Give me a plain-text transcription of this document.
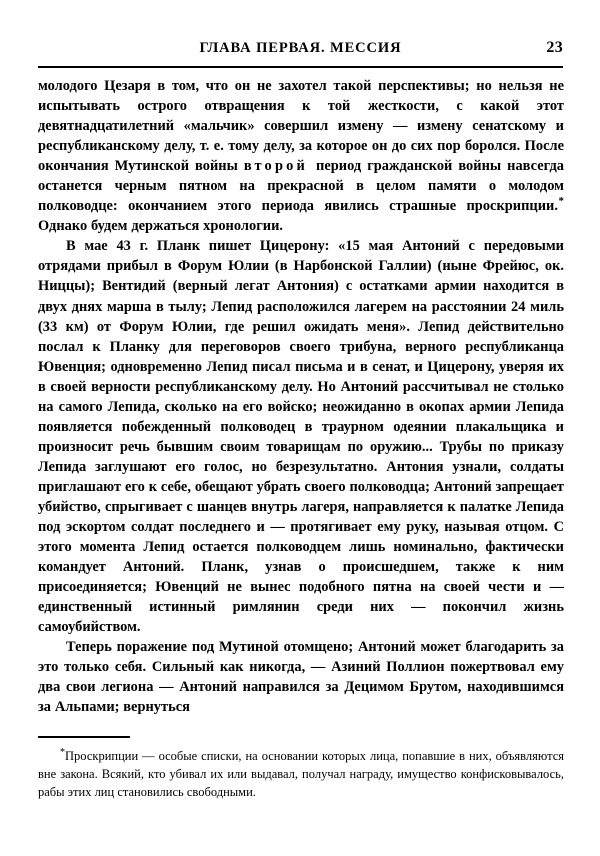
ГЛАВА ПЕРВАЯ. МЕССИЯ	23

молодого Цезаря в том, что он не захотел такой перспективы; но нельзя не испытывать острого отвращения к той жесткости, с какой этот девятнадцатилетний «мальчик» совершил измену — измену сенатскому и республиканскому делу, т. е. тому делу, за которое он до сих пор боролся. После окончания Мутинской войны второй период гражданской войны навсегда останется черным пятном на прекрасной в целом памяти о молодом полководце: окончанием этого периода явились страшные проскрипции.* Однако будем держаться хронологии.

В мае 43 г. Планк пишет Цицерону: «15 мая Антоний с передовыми отрядами прибыл в Форум Юлии (в Нарбонской Галлии) (ныне Фрейюс, ок. Ниццы); Вентидий (верный легат Антония) с остатками армии находится в двух днях марша в тылу; Лепид расположился лагерем на расстоянии 24 миль (33 км) от Форум Юлии, где решил ожидать меня». Лепид действительно послал к Планку для переговоров своего трибуна, верного республиканца Ювенция; одновременно Лепид писал письма и в сенат, и Цицерону, уверяя их в своей верности республиканскому делу. Но Антоний рассчитывал не столько на самого Лепида, сколько на его войско; неожиданно в окопах армии Лепида появляется побежденный полководец в траурном одеянии плакальщика и произносит речь бывшим своим товарищам по оружию... Трубы по приказу Лепида заглушают его голос, но безрезультатно. Антония узнали, солдаты приглашают его к себе, обещают убрать своего полководца; Антоний запрещает убийство, спрыгивает с шанцев внутрь лагеря, направляется к палатке Лепида под эскортом солдат последнего и — протягивает ему руку, называя отцом. С этого момента Лепид остается полководцем лишь номинально, фактически командует Антоний. Планк, узнав о происшедшем, также к ним присоединяется; Ювенций не вынес подобного пятна на своей чести и — единственный истинный римлянин среди них — покончил жизнь самоубийством.

Теперь поражение под Мутиной отомщено; Антоний может благодарить за это только себя. Сильный как никогда, — Азиний Поллион пожертвовал ему два свои легиона — Антоний направился за Децимом Брутом, находившимся за Альпами; вернуться

*Проскрипции — особые списки, на основании которых лица, попавшие в них, объявляются вне закона. Всякий, кто убивал их или выдавал, получал награду, имущество конфисковывалось, рабы этих лиц становились свободными.
